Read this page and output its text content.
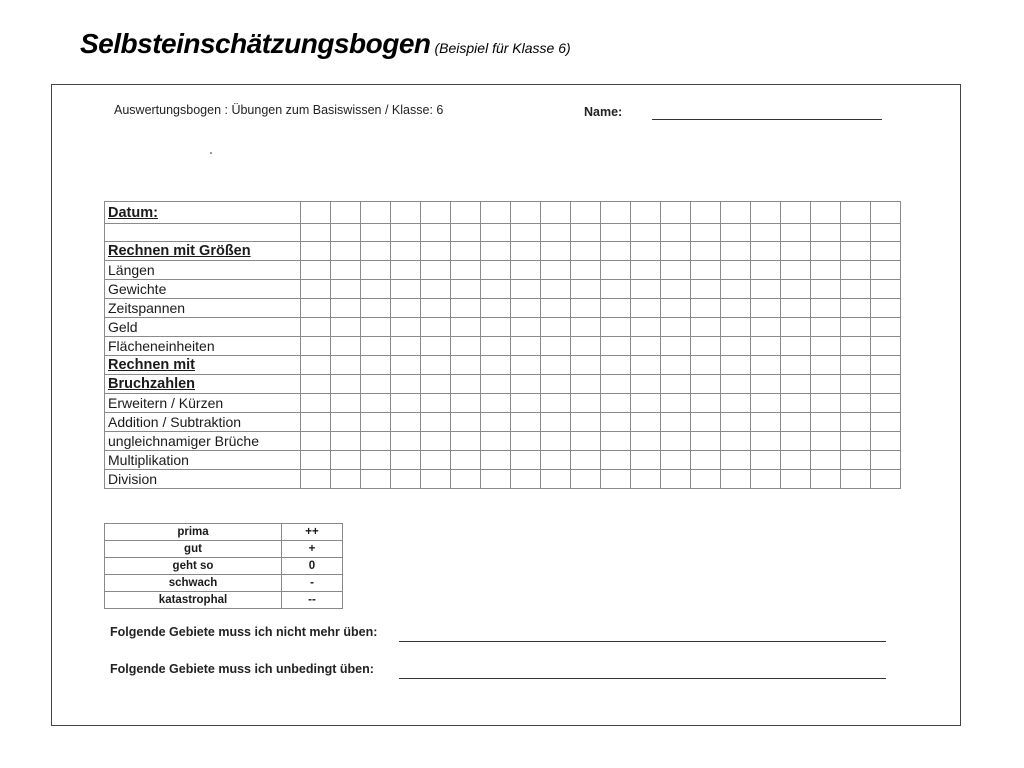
Selbsteinschätzungsbogen (Beispiel für Klasse 6)
Auswertungsbogen : Übungen zum Basiswissen / Klasse: 6	Name:
Datum:																				

Rechnen mit Größen																				
Längen																				
Gewichte																				
Zeitspannen																				
Geld																				
Flächeneinheiten																				
Rechnen mit																				
Bruchzahlen																				
Erweitern / Kürzen																				
Addition / Subtraktion																				
ungleichnamiger Brüche																				
Multiplikation																				
Division																				
prima	++
gut	+
geht so	0
schwach	-
katastrophal	--
Folgende Gebiete muss ich nicht mehr üben:
Folgende Gebiete muss ich unbedingt üben:
